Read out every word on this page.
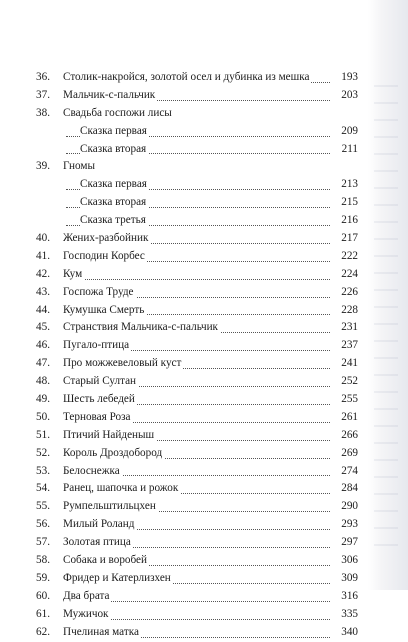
36. Столик-накройся, золотой осел и дубинка из мешка	193
37. Мальчик-с-пальчик	203
38. Свадьба госпожи лисы
Сказка первая	209
Сказка вторая	211
39. Гномы
Сказка первая	213
Сказка вторая	215
Сказка третья	216
40. Жених-разбойник	217
41. Господин Корбес	222
42. Кум	224
43. Госпожа Труде	226
44. Кумушка Смерть	228
45. Странствия Мальчика-с-пальчик	231
46. Пугало-птица	237
47. Про можжевеловый куст	241
48. Старый Султан	252
49. Шесть лебедей	255
50. Терновая Роза	261
51. Птичий Найденыш	266
52. Король Дроздобород	269
53. Белоснежка	274
54. Ранец, шапочка и рожок	284
55. Румпельштильцхен	290
56. Милый Роланд	293
57. Золотая птица	297
58. Собака и воробей	306
59. Фридер и Катерлизхен	309
60. Два брата	316
61. Мужичок	335
62. Пчелиная матка	340
